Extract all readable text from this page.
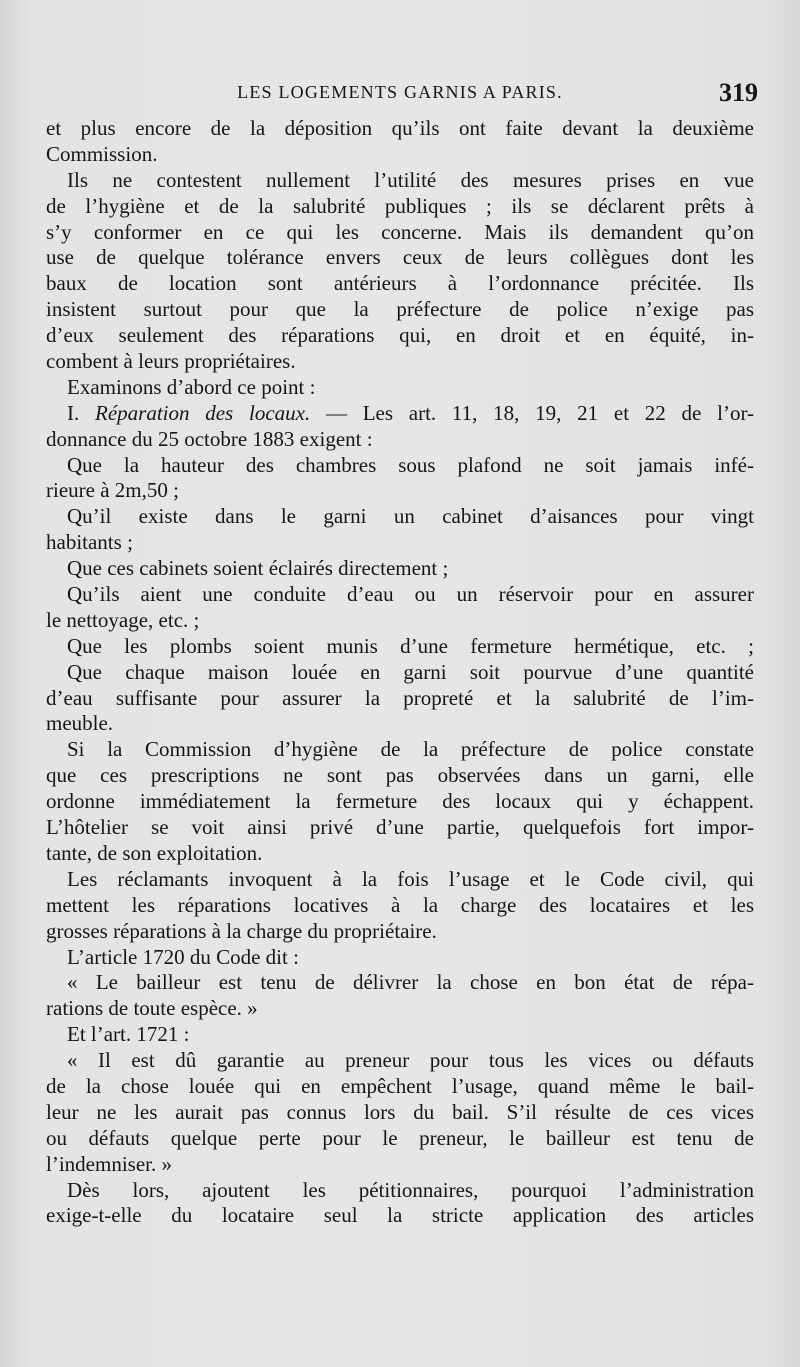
LES LOGEMENTS GARNIS A PARIS.	319
et plus encore de la déposition qu’ils ont faite devant la deuxième
Commission.
Ils ne contestent nullement l’utilité des mesures prises en vue
de l’hygiène et de la salubrité publiques ; ils se déclarent prêts à
s’y conformer en ce qui les concerne. Mais ils demandent qu’on
use de quelque tolérance envers ceux de leurs collègues dont les
baux de location sont antérieurs à l’ordonnance précitée. Ils
insistent surtout pour que la préfecture de police n’exige pas
d’eux seulement des réparations qui, en droit et en équité, in-
combent à leurs propriétaires.
Examinons d’abord ce point :
I. Réparation des locaux. — Les art. 11, 18, 19, 21 et 22 de l’or-
donnance du 25 octobre 1883 exigent :
Que la hauteur des chambres sous plafond ne soit jamais infé-
rieure à 2m,50 ;
Qu’il existe dans le garni un cabinet d’aisances pour vingt
habitants ;
Que ces cabinets soient éclairés directement ;
Qu’ils aient une conduite d’eau ou un réservoir pour en assurer
le nettoyage, etc. ;
Que les plombs soient munis d’une fermeture hermétique, etc. ;
Que chaque maison louée en garni soit pourvue d’une quantité
d’eau suffisante pour assurer la propreté et la salubrité de l’im-
meuble.
Si la Commission d’hygiène de la préfecture de police constate
que ces prescriptions ne sont pas observées dans un garni, elle
ordonne immédiatement la fermeture des locaux qui y échappent.
L’hôtelier se voit ainsi privé d’une partie, quelquefois fort impor-
tante, de son exploitation.
Les réclamants invoquent à la fois l’usage et le Code civil, qui
mettent les réparations locatives à la charge des locataires et les
grosses réparations à la charge du propriétaire.
L’article 1720 du Code dit :
« Le bailleur est tenu de délivrer la chose en bon état de répa-
rations de toute espèce. »
Et l’art. 1721 :
« Il est dû garantie au preneur pour tous les vices ou défauts
de la chose louée qui en empêchent l’usage, quand même le bail-
leur ne les aurait pas connus lors du bail. S’il résulte de ces vices
ou défauts quelque perte pour le preneur, le bailleur est tenu de
l’indemniser. »
Dès lors, ajoutent les pétitionnaires, pourquoi l’administration
exige-t-elle du locataire seul la stricte application des articles
